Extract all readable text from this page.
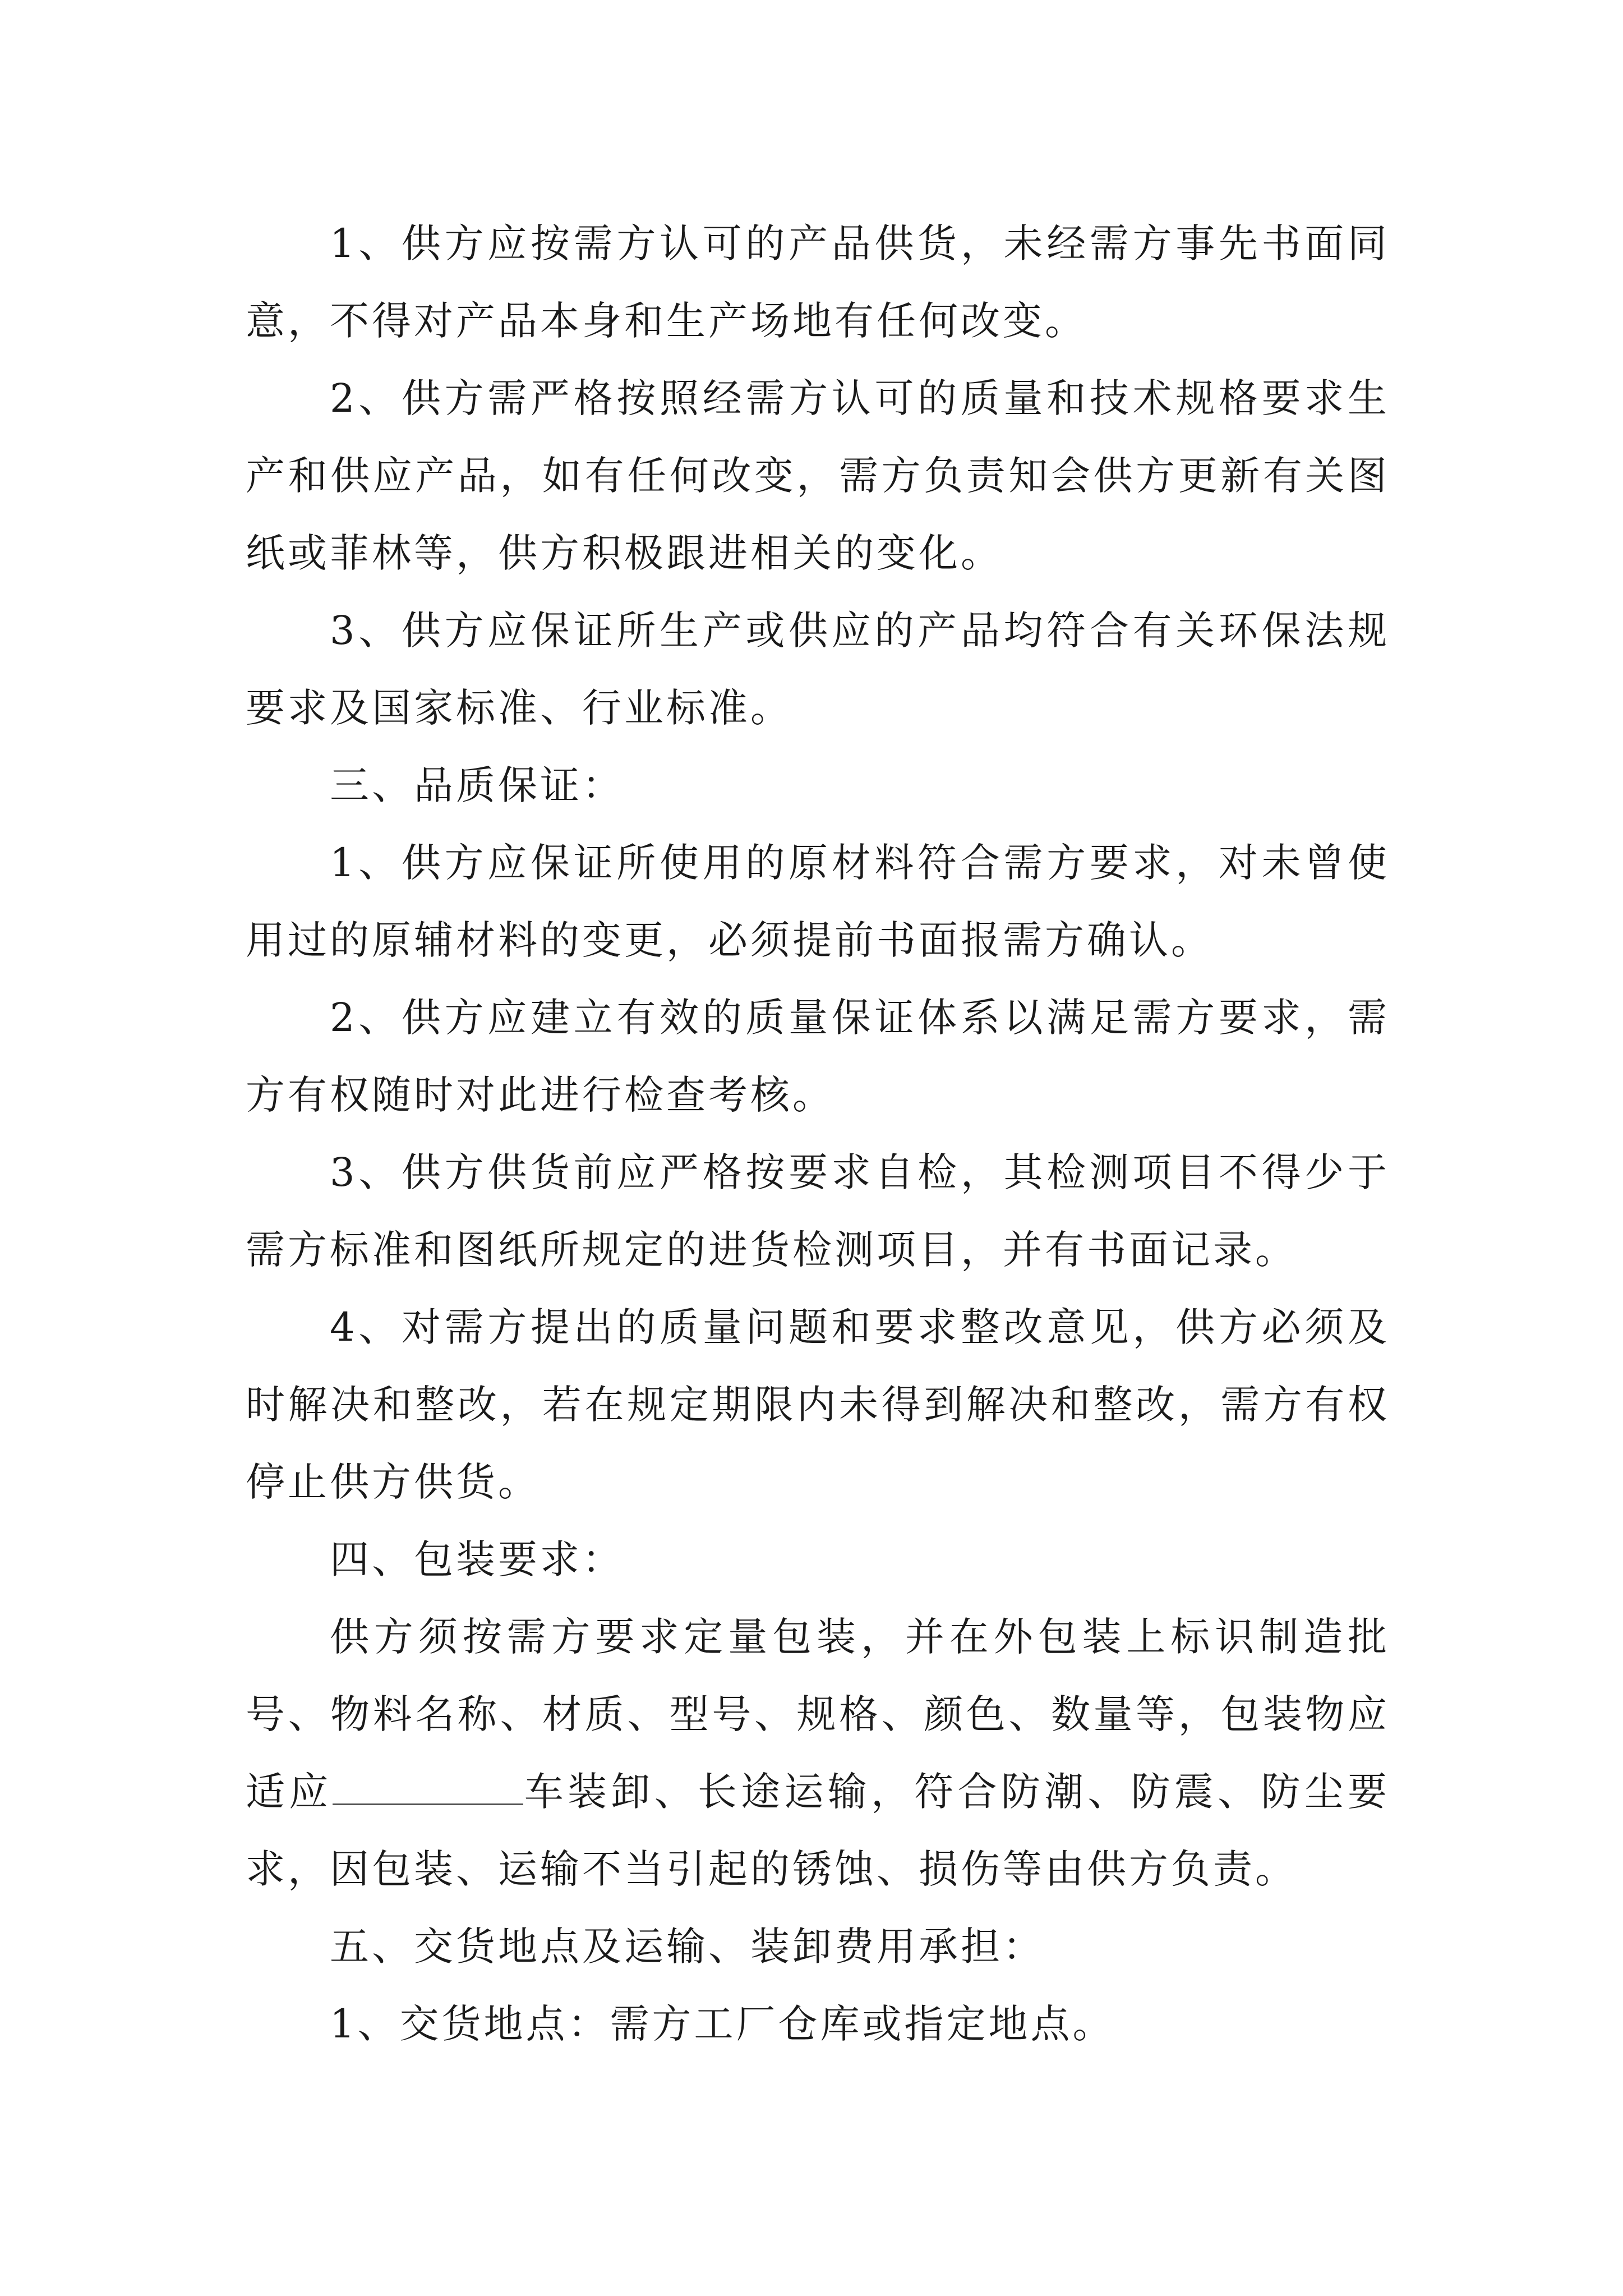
1、供方应按需方认可的产品供货，未经需方事先书面同意，不得对产品本身和生产场地有任何改变。

2、供方需严格按照经需方认可的质量和技术规格要求生产和供应产品，如有任何改变，需方负责知会供方更新有关图纸或菲林等，供方积极跟进相关的变化。

3、供方应保证所生产或供应的产品均符合有关环保法规要求及国家标准、行业标准。

三、品质保证：

1、供方应保证所使用的原材料符合需方要求，对未曾使用过的原辅材料的变更，必须提前书面报需方确认。

2、供方应建立有效的质量保证体系以满足需方要求，需方有权随时对此进行检查考核。

3、供方供货前应严格按要求自检，其检测项目不得少于需方标准和图纸所规定的进货检测项目，并有书面记录。

4、对需方提出的质量问题和要求整改意见，供方必须及时解决和整改，若在规定期限内未得到解决和整改，需方有权停止供方供货。

四、包装要求：

供方须按需方要求定量包装，并在外包装上标识制造批号、物料名称、材质、型号、规格、颜色、数量等，包装物应适应	车装卸、长途运输，符合防潮、防震、防尘要求，因包装、运输不当引起的锈蚀、损伤等由供方负责。

五、交货地点及运输、装卸费用承担：

1、交货地点：需方工厂仓库或指定地点。
